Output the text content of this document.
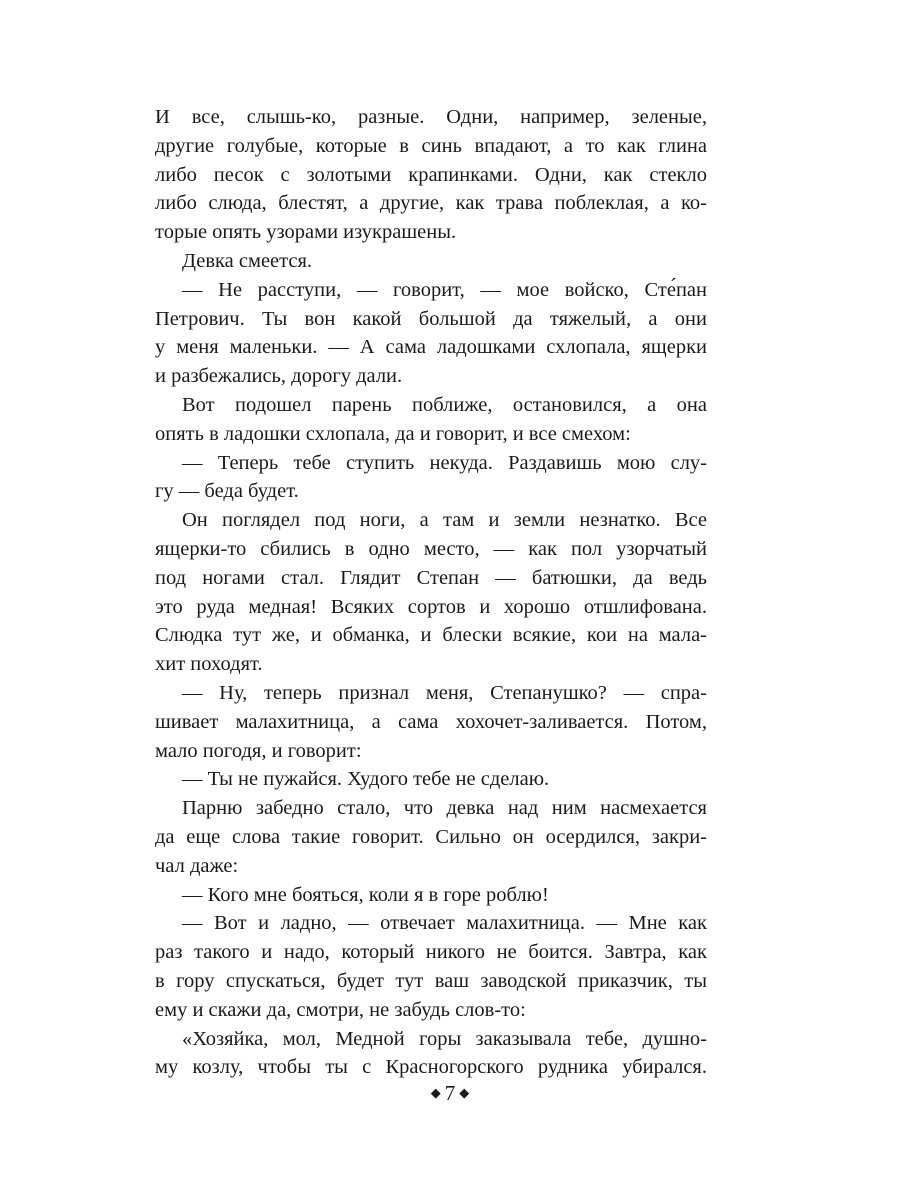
И все, слышь-ко, разные. Одни, например, зеленые,
другие голубые, которые в синь впадают, а то как глина
либо песок с золотыми крапинками. Одни, как стекло
либо слюда, блестят, а другие, как трава поблеклая, а ко-
торые опять узорами изукрашены.
Девка смеется.
— Не расступи, — говорит, — мое войско, Сте́пан
Петрович. Ты вон какой большой да тяжелый, а они
у меня маленьки. — А сама ладошками схлопала, ящерки
и разбежались, дорогу дали.
Вот подошел парень поближе, остановился, а она
опять в ладошки схлопала, да и говорит, и все смехом:
— Теперь тебе ступить некуда. Раздавишь мою слу-
гу — беда будет.
Он поглядел под ноги, а там и земли незнатко. Все
ящерки-то сбились в одно место, — как пол узорчатый
под ногами стал. Глядит Степан — батюшки, да ведь
это руда медная! Всяких сортов и хорошо отшлифована.
Слюдка тут же, и обманка, и блески всякие, кои на мала-
хит походят.
— Ну, теперь признал меня, Степанушко? — спра-
шивает малахитница, а сама хохочет-заливается. Потом,
мало погодя, и говорит:
— Ты не пужайся. Худого тебе не сделаю.
Парню забедно стало, что девка над ним насмехается
да еще слова такие говорит. Сильно он осердился, закри-
чал даже:
— Кого мне бояться, коли я в горе роблю!
— Вот и ладно, — отвечает малахитница. — Мне как
раз такого и надо, который никого не боится. Завтра, как
в гору спускаться, будет тут ваш заводской приказчик, ты
ему и скажи да, смотри, не забудь слов-то:
«Хозяйка, мол, Медной горы заказывала тебе, душно-
му козлу, чтобы ты с Красногорского рудника убирался.
◆ 7 ◆
